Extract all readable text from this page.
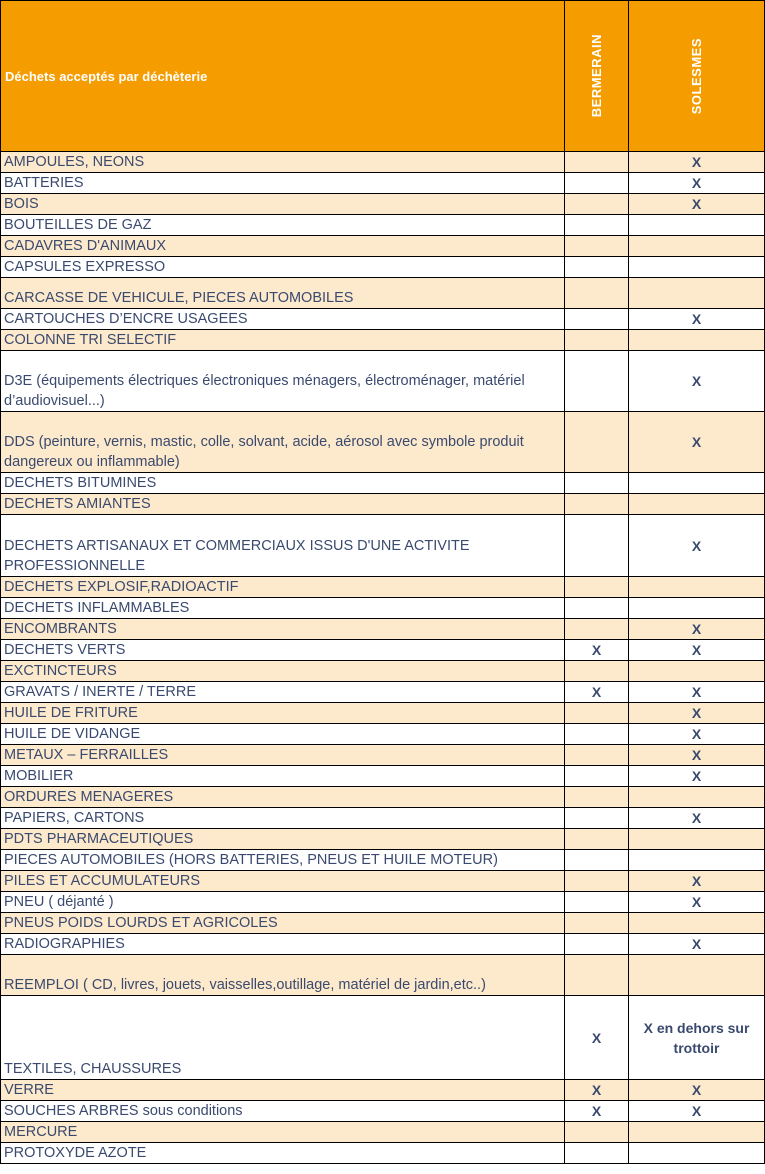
Déchets acceptés par déchèterie	BERMERAIN	SOLESMES

AMPOULES, NEONS		X
BATTERIES		X
BOIS		X
BOUTEILLES DE GAZ		
CADAVRES D'ANIMAUX		
CAPSULES EXPRESSO		
CARCASSE DE VEHICULE, PIECES AUTOMOBILES		
CARTOUCHES D’ENCRE USAGEES		X
COLONNE TRI SELECTIF		
D3E (équipements électriques électroniques ménagers, électroménager, matériel d’audiovisuel...)		X
DDS (peinture, vernis, mastic, colle, solvant, acide, aérosol avec symbole produit dangereux ou inflammable)		X
DECHETS BITUMINES		
DECHETS AMIANTES		
DECHETS ARTISANAUX ET COMMERCIAUX ISSUS D'UNE ACTIVITE PROFESSIONNELLE		X
DECHETS EXPLOSIF,RADIOACTIF		
DECHETS INFLAMMABLES		
ENCOMBRANTS		X
DECHETS VERTS	X	X
EXCTINCTEURS		
GRAVATS / INERTE / TERRE	X	X
HUILE DE FRITURE		X
HUILE DE VIDANGE		X
METAUX – FERRAILLES		X
MOBILIER		X
ORDURES MENAGERES		
PAPIERS, CARTONS		X
PDTS PHARMACEUTIQUES		
PIECES AUTOMOBILES (HORS BATTERIES, PNEUS ET HUILE MOTEUR)		
PILES ET ACCUMULATEURS		X
PNEU ( déjanté )		X
PNEUS POIDS LOURDS ET AGRICOLES		
RADIOGRAPHIES		X
REEMPLOI ( CD, livres, jouets, vaisselles,outillage, matériel de jardin,etc..)		
TEXTILES, CHAUSSURES	X	X en dehors sur trottoir
VERRE	X	X
SOUCHES ARBRES sous conditions	X	X
MERCURE		
PROTOXYDE AZOTE		
